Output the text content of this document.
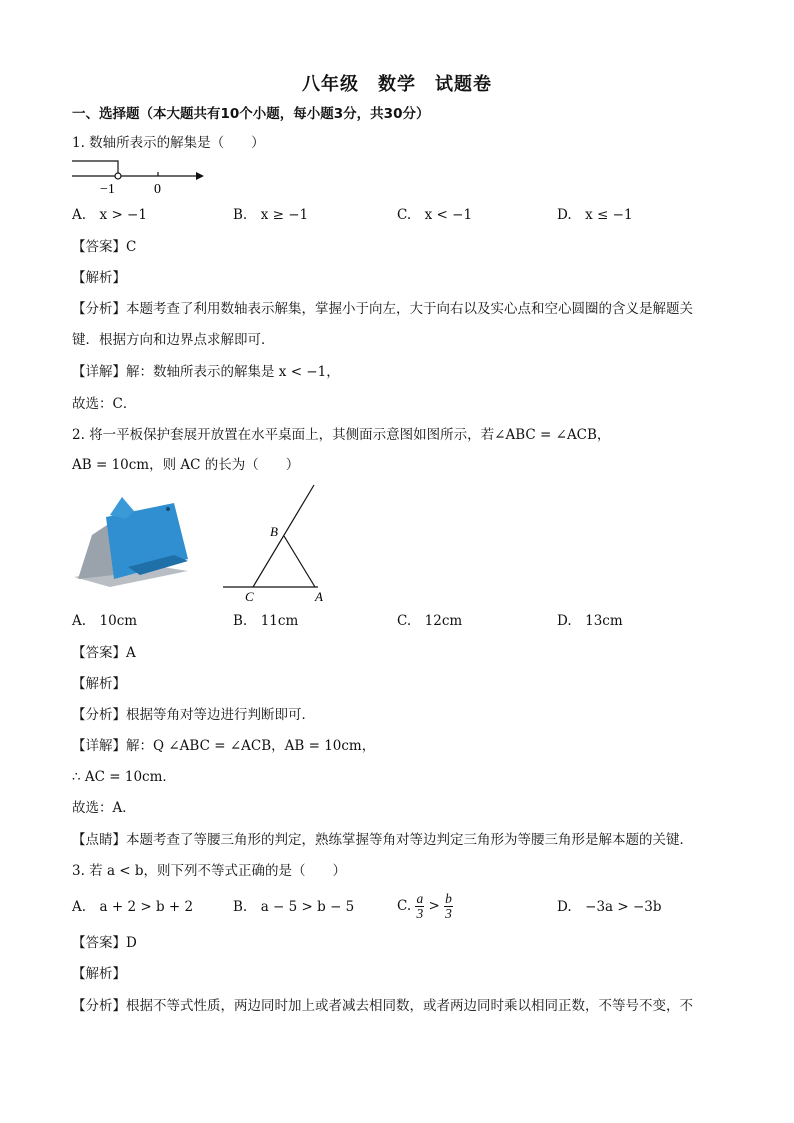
八年级　数学　试题卷
一、选择题（本大题共有10个小题，每小题3分，共30分）
1. 数轴所表示的解集是（　　）
−1	0
A.　x > −1	B.　x ≥ −1	C.　x < −1	D.　x ≤ −1
【答案】C
【解析】
【分析】本题考查了利用数轴表示解集，掌握小于向左，大于向右以及实心点和空心圆圈的含义是解题关
键．根据方向和边界点求解即可．
【详解】解：数轴所表示的解集是 x < −1，
故选：C．
2. 将一平板保护套展开放置在水平桌面上，其侧面示意图如图所示，若∠ABC = ∠ACB，
AB = 10cm，则 AC 的长为（　　）
B
C	A
A.　10cm	B.　11cm	C.　12cm	D.　13cm
【答案】A
【解析】
【分析】根据等角对等边进行判断即可．
【详解】解：Q ∠ABC = ∠ACB，AB = 10cm，
∴ AC = 10cm．
故选：A．
【点睛】本题考查了等腰三角形的判定，熟练掌握等角对等边判定三角形为等腰三角形是解本题的关键．
3. 若 a < b，则下列不等式正确的是（　　）
A.　a + 2 > b + 2	B.　a − 5 > b − 5	C. $\frac{a}{3} > \frac{b}{3}$	D.　−3a > −3b
【答案】D
【解析】
【分析】根据不等式性质，两边同时加上或者减去相同数，或者两边同时乘以相同正数，不等号不变，不
